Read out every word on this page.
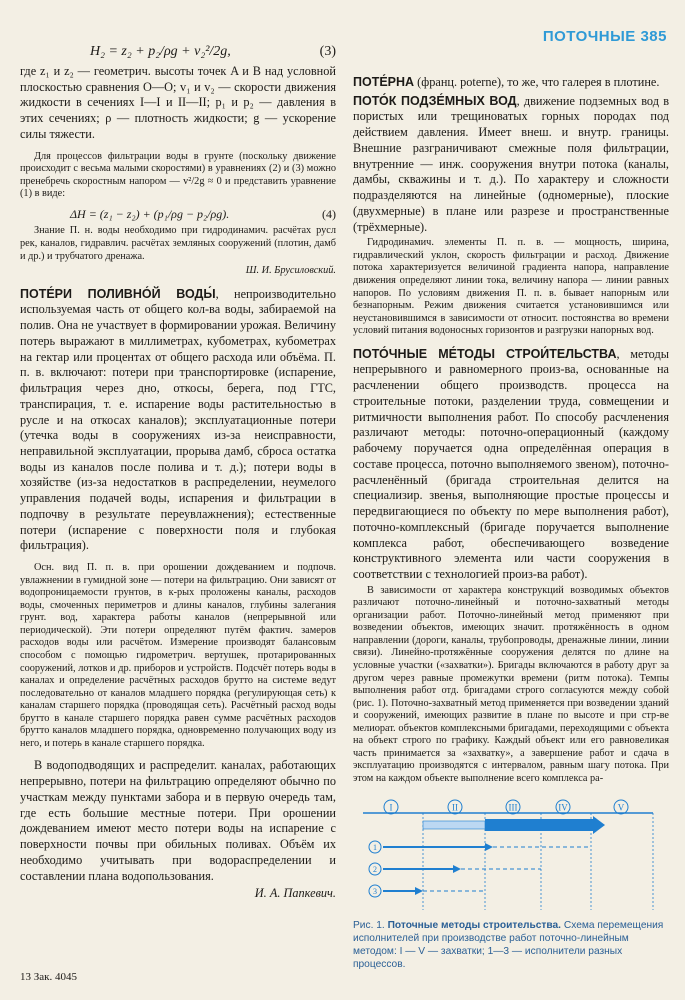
ПОТОЧНЫЕ 385
H₂ = z₂ + p₂/ρg + v₂²/2g,	(3)

где z₁ и z₂ — геометрич. высоты точек A и B над условной плоскостью сравнения О—О; v₁ и v₂ — скорости движения жидкости в сечениях I—I и II—II; p₁ и p₂ — давления в этих сечениях; ρ — плотность жидкости; g — ускорение силы тяжести.

Для процессов фильтрации воды в грунте (поскольку движение происходит с весьма малыми скоростями) в уравнениях (2) и (3) можно пренебречь скоростным напором — v²/2g ≈ 0 и представить уравнение (1) в виде:

ΔH = (z₁ − z₂) + (p₁/ρg − p₂/ρg).	(4)

Знание П. н. воды необходимо при гидродинамич. расчётах русл рек, каналов, гидравлич. расчётах земляных сооружений (плотин, дамб и др.) и трубчатого дренажа.

Ш. И. Брусиловский.

ПОТЕ́РИ ПОЛИВНО́Й ВОДЫ́, непроизводительно используемая часть от общего кол-ва воды, забираемой на полив. Она не участвует в формировании урожая. Величину потерь выражают в миллиметрах, кубометрах, кубометрах на гектар или процентах от общего расхода или объёма. П. п. в. включают: потери при транспортировке (испарение, фильтрация через дно, откосы, берега, под ГТС, транспирация, т. е. испарение воды растительностью в русле и на откосах каналов); эксплуатационные потери (утечка воды в сооружениях из-за неисправности, неправильной эксплуатации, прорыва дамб, сброса остатка воды из каналов после полива и т. д.); потери воды в хозяйстве (из-за недостатков в распределении, неумелого управления подачей воды, испарения и фильтрации в подпочву в результате переувлажнения); естественные потери (испарение с поверхности поля и глубокая фильтрация).

Осн. вид П. п. в. при орошении дождеванием и подпочв. увлажнении в гумидной зоне — потери на фильтрацию. Они зависят от водопроницаемости грунтов, в к-рых проложены каналы, расходов воды, смоченных периметров и длины каналов, глубины залегания грунт. вод, характера работы каналов (непрерывной или периодической). Эти потери определяют путём фактич. замеров расходов воды или расчётом. Измерение производят балансовым способом с помощью гидрометрич. вертушек, протарированных сооружений, лотков и др. приборов и устройств. Подсчёт потерь воды в каналах и определение расчётных расходов брутто на системе ведут последовательно от каналов младшего порядка (регулирующая сеть) к каналам старшего порядка (проводящая сеть). Расчётный расход воды брутто в канале старшего порядка равен сумме расчётных расходов брутто каналов младшего порядка, одновременно получающих воду из него, и потерь в канале старшего порядка.

В водоподводящих и распределит. каналах, работающих непрерывно, потери на фильтрацию определяют обычно по участкам между пунктами забора и в первую очередь там, где есть большие местные потери. При орошении дождеванием имеют место потери воды на испарение с поверхности почвы при обильных поливах. Объём их необходимо учитывать при водораспределении и составлении плана водопользования.

И. А. Папкевич.

ПОТЕ́РНА (франц. poterne), то же, что галерея в плотине.

ПОТО́К ПОДЗЕ́МНЫХ ВОД, движение подземных вод в пористых или трещиноватых горных породах под действием давления. Имеет внеш. и внутр. границы. Внешние разграничивают смежные поля фильтрации, внутренние — инж. сооружения внутри потока (каналы, дамбы, скважины и т. д.). По характеру и сложности подразделяются на линейные (одномерные), плоские (двухмерные) в плане или разрезе и пространственные (трёхмерные).

Гидродинамич. элементы П. п. в. — мощность, ширина, гидравлический уклон, скорость фильтрации и расход. Движение потока характеризуется величиной градиента напора, направление движения определяют линии тока, величину напора — линии равных напоров. По условиям движения П. п. в. бывает напорным или безнапорным. Режим движения считается установившимся или неустановившимся в зависимости от относит. постоянства во времени условий питания водоносных горизонтов и разгрузки напорных вод.

ПОТО́ЧНЫЕ МЕ́ТОДЫ СТРОИ́ТЕЛЬСТВА, методы непрерывного и равномерного произ-ва, основанные на расчленении общего производств. процесса на строительные потоки, разделении труда, совмещении и ритмичности выполнения работ. По способу расчленения различают методы: поточно-операционный (каждому рабочему поручается одна определённая операция в составе процесса, поточно выполняемого звеном), поточно-расчленённый (бригада строительная делится на специализир. звенья, выполняющие простые процессы и передвигающиеся по объекту по мере выполнения работ), поточно-комплексный (бригаде поручается выполнение комплекса работ, обеспечивающего возведение конструктивного элемента или части сооружения в соответствии с технологией произ-ва работ).

В зависимости от характера конструкций возводимых объектов различают поточно-линейный и поточно-захватный методы организации работ. Поточно-линейный метод применяют при возведении объектов, имеющих значит. протяжённость в одном направлении (дороги, каналы, трубопроводы, дренажные линии, линии связи). Линейно-протяжённые сооружения делятся по длине на условные участки («захватки»). Бригады включаются в работу друг за другом через равные промежутки времени (ритм потока). Темпы выполнения работ отд. бригадами строго согласуются между собой (рис. 1). Поточно-захватный метод применяется при возведении зданий и сооружений, имеющих развитие в плане по высоте и при стр-ве мелиорат. объектов комплексными бригадами, переходящими с объекта на объект строго по графику. Каждый объект или его равновеликая часть принимается за «захватку», а завершение работ и сдача в эксплуатацию производятся с интервалом, равным шагу потока. При этом на каждом объекте выполнение всего комплекса ра-

I	II	III	IV	V
1
2
3
Рис. 1. Поточные методы строительства. Схема перемещения исполнителей при производстве работ поточно-линейным методом: I — V — захватки; 1—3 — исполнители разных процессов.
13 Зак. 4045
